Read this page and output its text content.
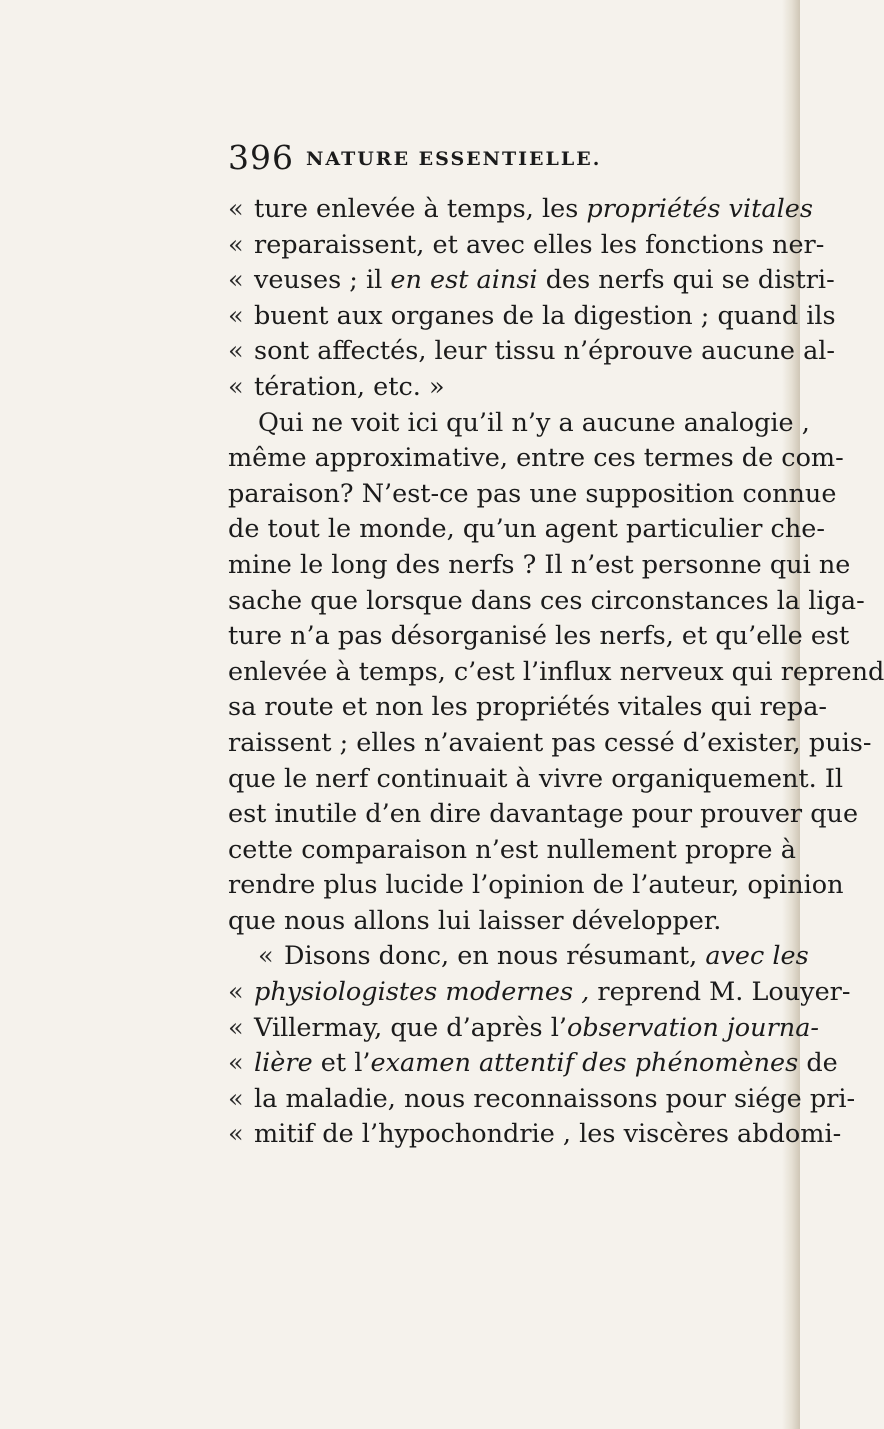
396 NATURE ESSENTIELLE.
« ture enlevée à temps, les propriétés vitales
« reparaissent, et avec elles les fonctions ner-
« veuses ; il en est ainsi des nerfs qui se distri-
« buent aux organes de la digestion ; quand ils
« sont affectés, leur tissu n’éprouve aucune al-
« tération, etc. »
Qui ne voit ici qu’il n’y a aucune analogie ,
même approximative, entre ces termes de com-
paraison? N’est-ce pas une supposition connue
de tout le monde, qu’un agent particulier che-
mine le long des nerfs ? Il n’est personne qui ne
sache que lorsque dans ces circonstances la liga-
ture n’a pas désorganisé les nerfs, et qu’elle est
enlevée à temps, c’est l’influx nerveux qui reprend
sa route et non les propriétés vitales qui repa-
raissent ; elles n’avaient pas cessé d’exister, puis-
que le nerf continuait à vivre organiquement. Il
est inutile d’en dire davantage pour prouver que
cette comparaison n’est nullement propre à
rendre plus lucide l’opinion de l’auteur, opinion
que nous allons lui laisser développer.
« Disons donc, en nous résumant, avec les
« physiologistes modernes , reprend M. Louyer-
« Villermay, que d’après l’observation journa-
« lière et l’examen attentif des phénomènes de
« la maladie, nous reconnaissons pour siége pri-
« mitif de l’hypochondrie , les viscères abdomi-
